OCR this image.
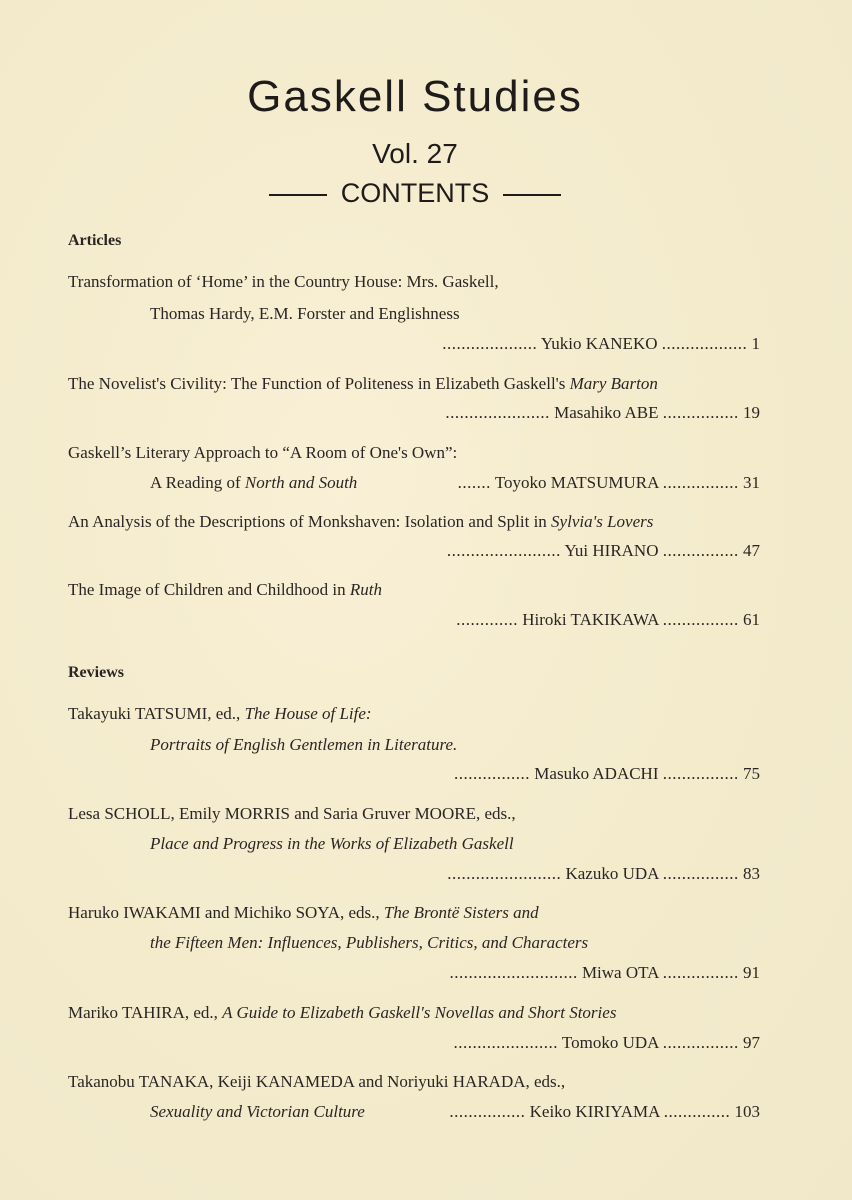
Gaskell Studies
Vol. 27
CONTENTS
Articles
Transformation of ‘Home’ in the Country House: Mrs. Gaskell,
Thomas Hardy, E.M. Forster and Englishness
.................... Yukio KANEKO .................. 1
The Novelist's Civility: The Function of Politeness in Elizabeth Gaskell's Mary Barton
...................... Masahiko ABE ................ 19
Gaskell’s Literary Approach to “A Room of One's Own”:
A Reading of North and South	....... Toyoko MATSUMURA ................ 31
An Analysis of the Descriptions of Monkshaven: Isolation and Split in Sylvia's Lovers
........................ Yui HIRANO ................ 47
The Image of Children and Childhood in Ruth
............. Hiroki TAKIKAWA ................ 61
Reviews
Takayuki TATSUMI, ed., The House of Life:
Portraits of English Gentlemen in Literature.
................ Masuko ADACHI ................ 75
Lesa SCHOLL, Emily MORRIS and Saria Gruver MOORE, eds.,
Place and Progress in the Works of Elizabeth Gaskell
........................ Kazuko UDA ................ 83
Haruko IWAKAMI and Michiko SOYA, eds., The Brontë Sisters and
the Fifteen Men: Influences, Publishers, Critics, and Characters
........................... Miwa OTA ................ 91
Mariko TAHIRA, ed., A Guide to Elizabeth Gaskell's Novellas and Short Stories
...................... Tomoko UDA ................ 97
Takanobu TANAKA, Keiji KANAMEDA and Noriyuki HARADA, eds.,
Sexuality and Victorian Culture	................ Keiko KIRIYAMA .............. 103
